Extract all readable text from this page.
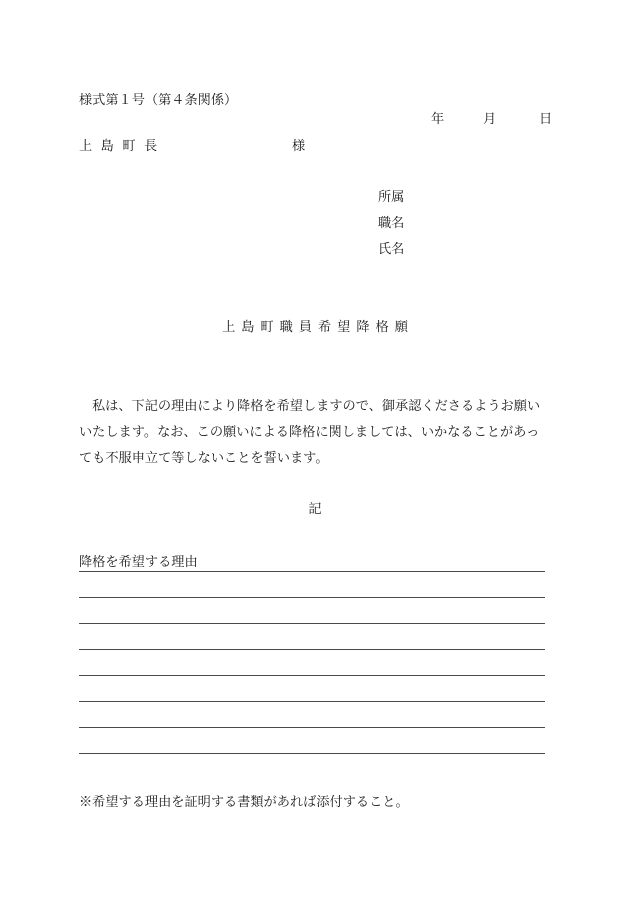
様式第１号（第４条関係）
年	月	日
上島町長	様
所属
職名
氏名
上島町職員希望降格願
私は、下記の理由により降格を希望しますので、御承認くださるようお願い
いたします。なお、この願いによる降格に関しましては、いかなることがあっ
ても不服申立て等しないことを誓います。
記
降格を希望する理由
※希望する理由を証明する書類があれば添付すること。
